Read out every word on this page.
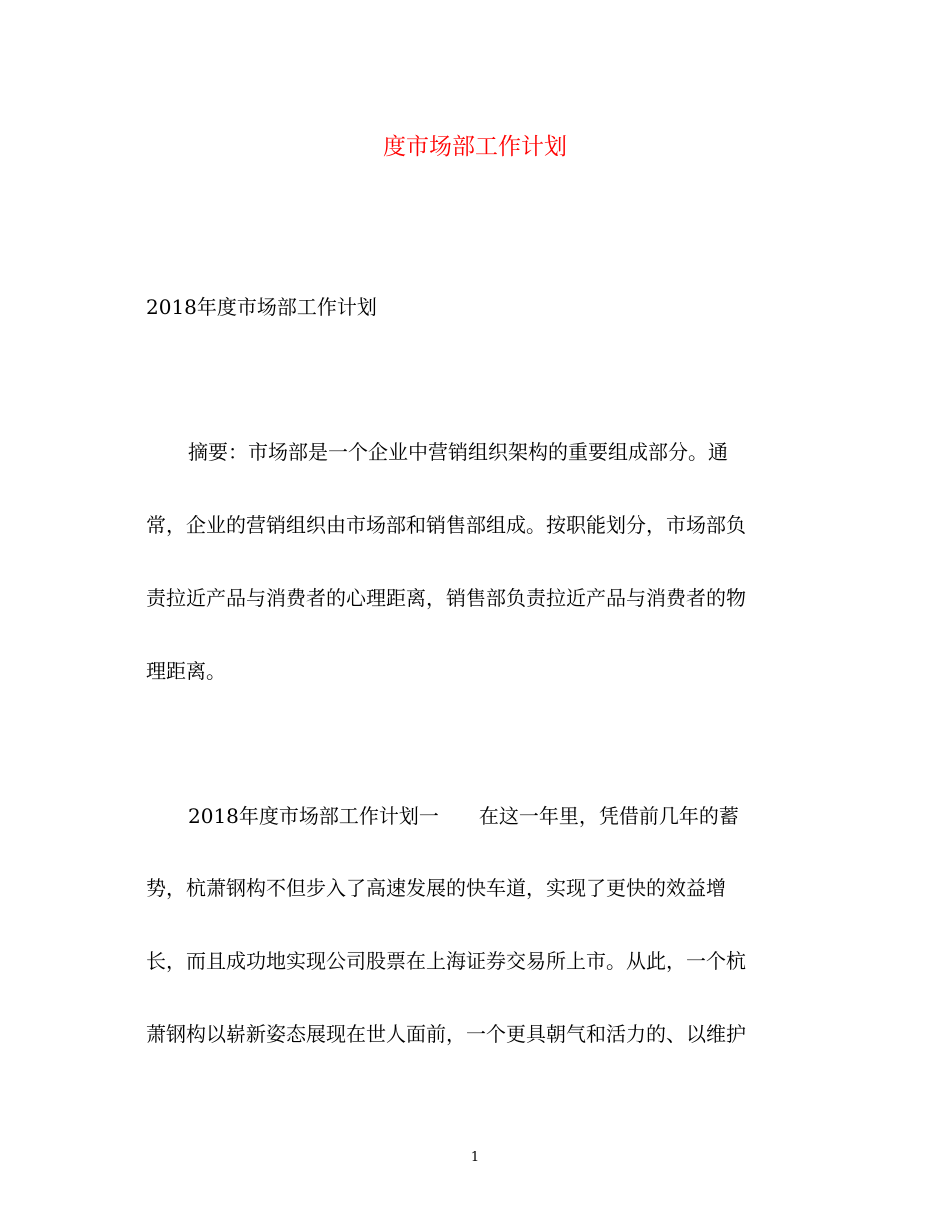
度市场部工作计划

2018年度市场部工作计划

摘要：市场部是一个企业中营销组织架构的重要组成部分。通

常，企业的营销组织由市场部和销售部组成。按职能划分，市场部负

责拉近产品与消费者的心理距离，销售部负责拉近产品与消费者的物

理距离。

2018年度市场部工作计划一　　在这一年里，凭借前几年的蓄

势，杭萧钢构不但步入了高速发展的快车道，实现了更快的效益增

长，而且成功地实现公司股票在上海证券交易所上市。从此，一个杭

萧钢构以崭新姿态展现在世人面前，一个更具朝气和活力的、以维护

1
